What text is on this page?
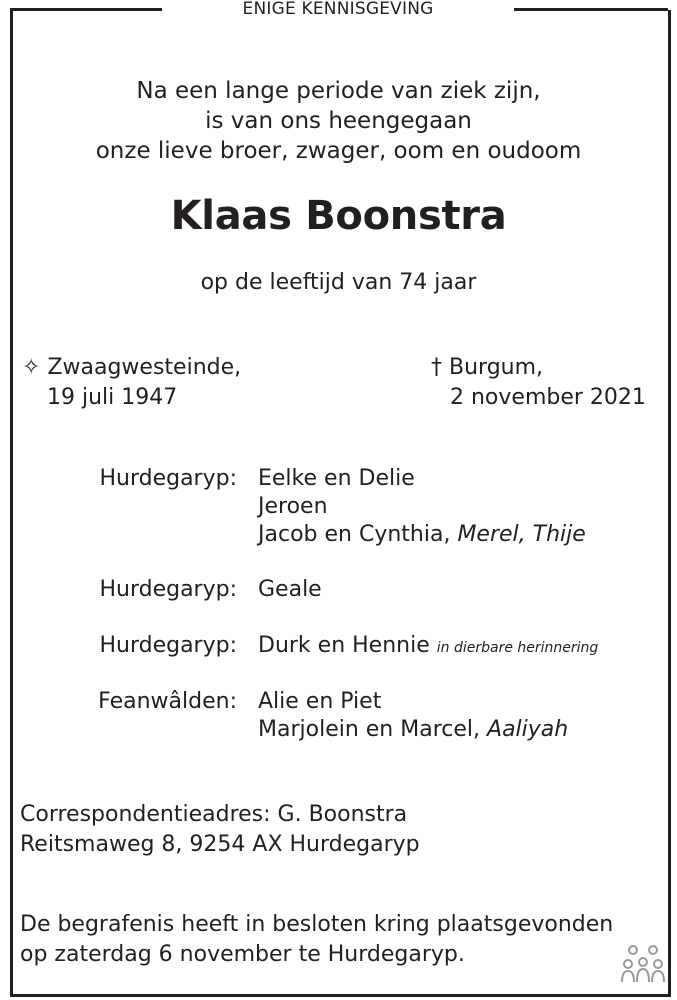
ENIGE KENNISGEVING
Na een lange periode van ziek zijn,
is van ons heengegaan
onze lieve broer, zwager, oom en oudoom
Klaas Boonstra
op de leeftijd van 74 jaar
✧ Zwaagwesteinde,
19 juli 1947
† Burgum,
2 november 2021
Hurdegaryp: Eelke en Delie
Jeroen
Jacob en Cynthia, Merel, Thije
Hurdegaryp: Geale
Hurdegaryp: Durk en Hennie in dierbare herinnering
Feanwâlden: Alie en Piet
Marjolein en Marcel, Aaliyah
Correspondentieadres: G. Boonstra
Reitsmaweg 8, 9254 AX Hurdegaryp
De begrafenis heeft in besloten kring plaatsgevonden
op zaterdag 6 november te Hurdegaryp.
